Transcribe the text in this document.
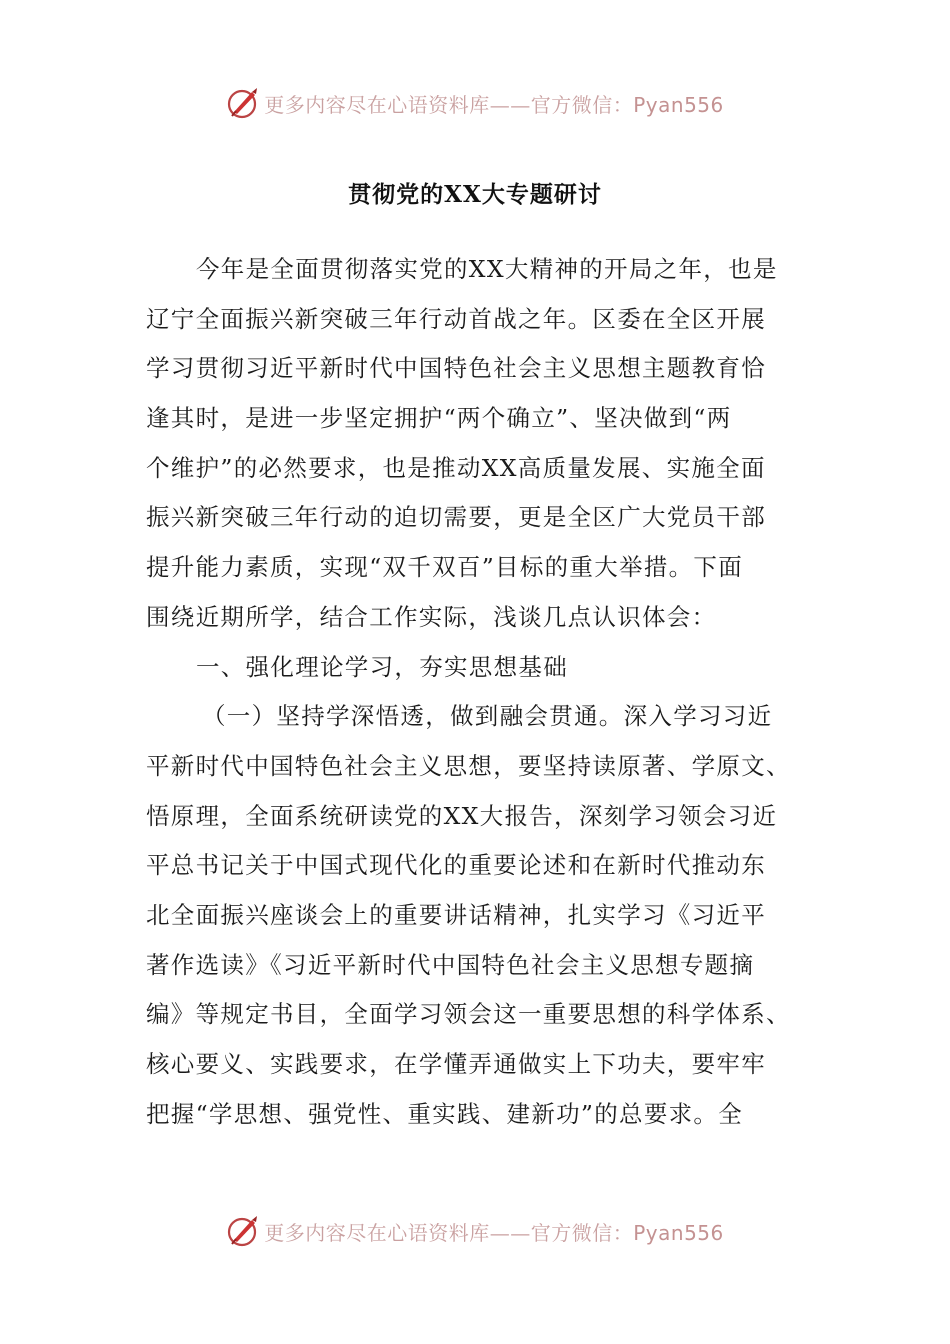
更多内容尽在心语资料库——官方微信：Pyan556
贯彻党的XX大专题研讨
今年是全面贯彻落实党的XX大精神的开局之年，也是
辽宁全面振兴新突破三年行动首战之年。区委在全区开展
学习贯彻习近平新时代中国特色社会主义思想主题教育恰
逢其时，是进一步坚定拥护“两个确立”、坚决做到“两
个维护”的必然要求，也是推动XX高质量发展、实施全面
振兴新突破三年行动的迫切需要，更是全区广大党员干部
提升能力素质，实现“双千双百”目标的重大举措。下面
围绕近期所学，结合工作实际，浅谈几点认识体会：
一、强化理论学习，夯实思想基础
（一）坚持学深悟透，做到融会贯通。深入学习习近
平新时代中国特色社会主义思想，要坚持读原著、学原文、
悟原理，全面系统研读党的XX大报告，深刻学习领会习近
平总书记关于中国式现代化的重要论述和在新时代推动东
北全面振兴座谈会上的重要讲话精神，扎实学习《习近平
著作选读》《习近平新时代中国特色社会主义思想专题摘
编》等规定书目，全面学习领会这一重要思想的科学体系、
核心要义、实践要求，在学懂弄通做实上下功夫，要牢牢
把握“学思想、强党性、重实践、建新功”的总要求。全
更多内容尽在心语资料库——官方微信：Pyan556
